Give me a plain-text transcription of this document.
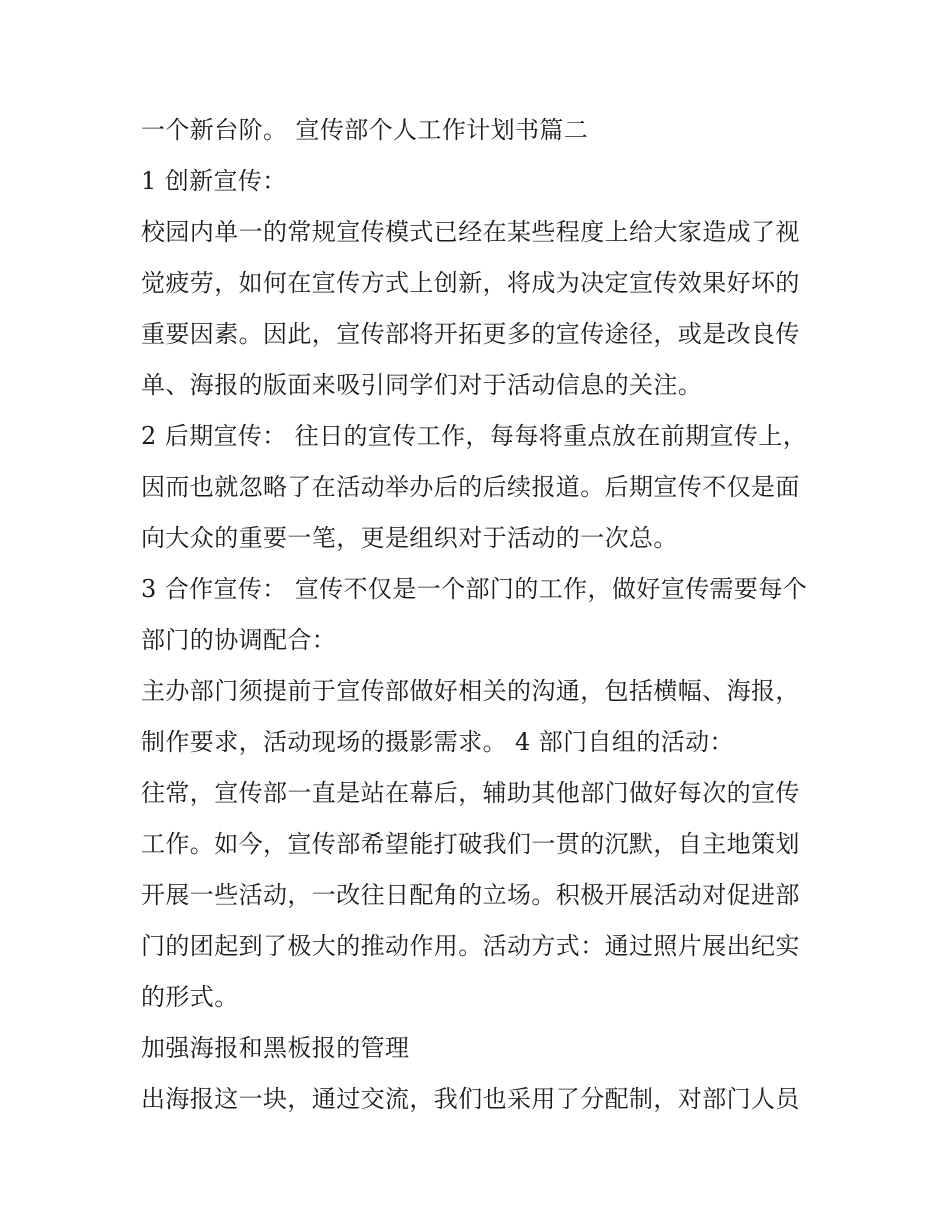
一个新台阶。 宣传部个人工作计划书篇二
1 创新宣传：
校园内单一的常规宣传模式已经在某些程度上给大家造成了视
觉疲劳，如何在宣传方式上创新，将成为决定宣传效果好坏的
重要因素。因此，宣传部将开拓更多的宣传途径，或是改良传
单、海报的版面来吸引同学们对于活动信息的关注。
2 后期宣传： 往日的宣传工作，每每将重点放在前期宣传上，
因而也就忽略了在活动举办后的后续报道。后期宣传不仅是面
向大众的重要一笔，更是组织对于活动的一次总。
3 合作宣传： 宣传不仅是一个部门的工作，做好宣传需要每个
部门的协调配合：
主办部门须提前于宣传部做好相关的沟通，包括横幅、海报，
制作要求，活动现场的摄影需求。 4 部门自组的活动：
往常，宣传部一直是站在幕后，辅助其他部门做好每次的宣传
工作。如今，宣传部希望能打破我们一贯的沉默，自主地策划
开展一些活动，一改往日配角的立场。积极开展活动对促进部
门的团起到了极大的推动作用。活动方式：通过照片展出纪实
的形式。
加强海报和黑板报的管理
出海报这一块，通过交流，我们也采用了分配制，对部门人员
